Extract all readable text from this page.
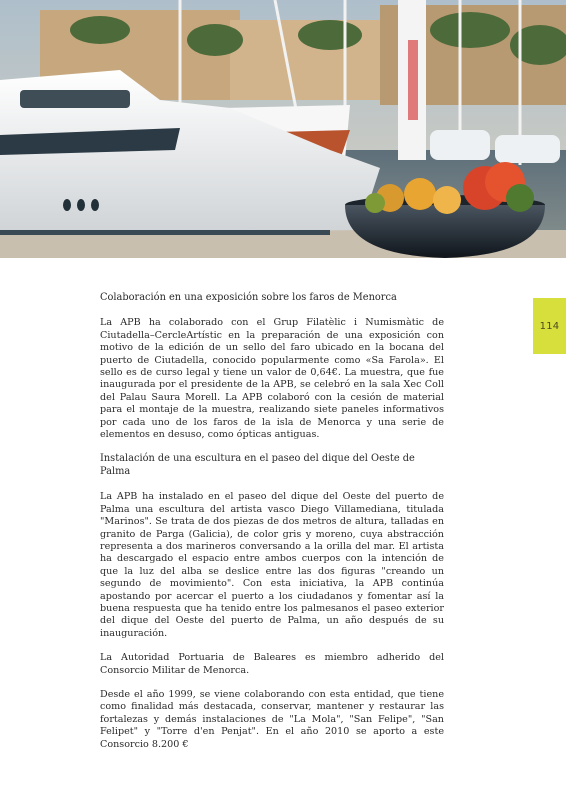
114
Colaboración en una exposición sobre los faros de Menorca

La APB ha colaborado con el Grup Filatèlic i Numismàtic de Ciutadella–CercleArtístic en la preparación de una exposición con motivo de la edición de un sello del faro ubicado en la bocana del puerto de Ciutadella, conocido popularmente como «Sa Farola». El sello es de curso legal y tiene un valor de 0,64€. La muestra, que fue inaugurada por el presidente de la APB, se celebró en la sala Xec Coll del Palau Saura Morell. La APB colaboró con la cesión de material para el montaje de la muestra, realizando siete paneles informativos por cada uno de los faros de la isla de Menorca y una serie de elementos en desuso, como ópticas antiguas.

Instalación de una escultura en el paseo del dique del Oeste de Palma

La APB ha instalado en el paseo del dique del Oeste del puerto de Palma una escultura del artista vasco Diego Villamediana, titulada "Marinos". Se trata de dos piezas de dos metros de altura, talladas en granito de Parga (Galicia), de color gris y moreno, cuya abstracción representa a dos marineros conversando a la orilla del mar. El artista ha descargado el espacio entre ambos cuerpos con la intención de que la luz del alba se deslice entre las dos figuras "creando un segundo de movimiento". Con esta iniciativa, la APB continúa apostando por acercar el puerto a los ciudadanos y fomentar así la buena respuesta que ha tenido entre los palmesanos el paseo exterior del dique del Oeste del puerto de Palma, un año después de su inauguración.

La Autoridad Portuaria de Baleares es miembro adherido del Consorcio Militar de Menorca.

Desde el año 1999, se viene colaborando con esta entidad, que tiene como finalidad más destacada, conservar, mantener y restaurar las fortalezas y demás instalaciones de "La Mola", "San Felipe", "San Felipet" y "Torre d'en Penjat". En el año 2010 se aporto a este Consorcio 8.200 €
